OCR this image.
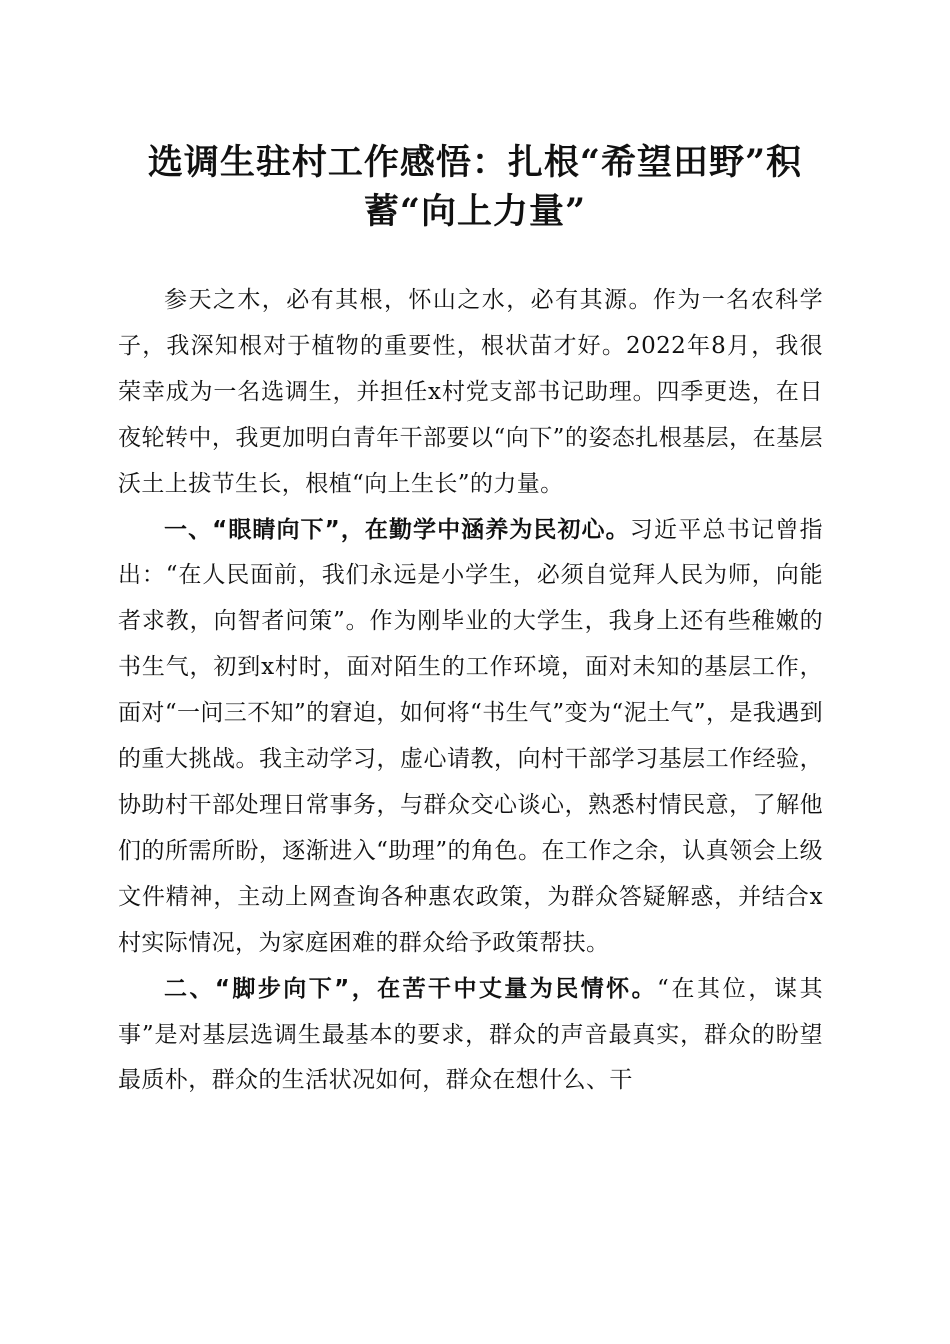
选调生驻村工作感悟：扎根“希望田野”积蓄“向上力量”

参天之木，必有其根，怀山之水，必有其源。作为一名农科学子，我深知根对于植物的重要性，根状苗才好。2022年8月，我很荣幸成为一名选调生，并担任x村党支部书记助理。四季更迭，在日夜轮转中，我更加明白青年干部要以“向下”的姿态扎根基层，在基层沃土上拔节生长，根植“向上生长”的力量。

一、“眼睛向下”，在勤学中涵养为民初心。习近平总书记曾指出：“在人民面前，我们永远是小学生，必须自觉拜人民为师，向能者求教，向智者问策”。作为刚毕业的大学生，我身上还有些稚嫩的书生气，初到x村时，面对陌生的工作环境，面对未知的基层工作，面对“一问三不知”的窘迫，如何将“书生气”变为“泥土气”，是我遇到的重大挑战。我主动学习，虚心请教，向村干部学习基层工作经验，协助村干部处理日常事务，与群众交心谈心，熟悉村情民意，了解他们的所需所盼，逐渐进入“助理”的角色。在工作之余，认真领会上级文件精神，主动上网查询各种惠农政策，为群众答疑解惑，并结合x村实际情况，为家庭困难的群众给予政策帮扶。

二、“脚步向下”，在苦干中丈量为民情怀。“在其位，谋其事”是对基层选调生最基本的要求，群众的声音最真实，群众的盼望最质朴，群众的生活状况如何，群众在想什么、干
